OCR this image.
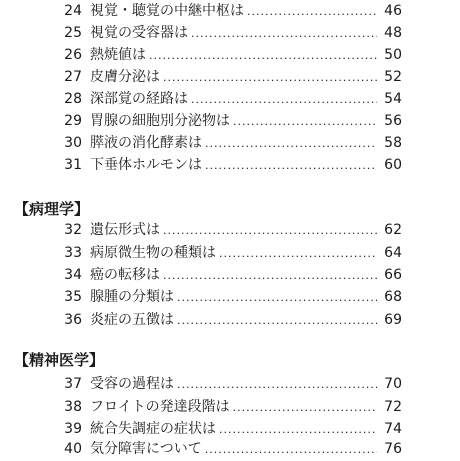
24 視覚・聴覚の中継中枢は .....	46
25 視覚の受容器は .....	48
26 熱焼値は .....	50
27 皮膚分泌は .....	52
28 深部覚の経路は .....	54
29 胃腺の細胞別分泌物は .....	56
30 膵液の消化酵素は .....	58
31 下垂体ホルモンは .....	60
【病理学】
32 遺伝形式は .....	62
33 病原微生物の種類は .....	64
34 癌の転移は .....	66
35 腺腫の分類は .....	68
36 炎症の五徴は .....	69
【精神医学】
37 受容の過程は .....	70
38 フロイトの発達段階は .....	72
39 統合失調症の症状は .....	74
40 気分障害について .....	76
